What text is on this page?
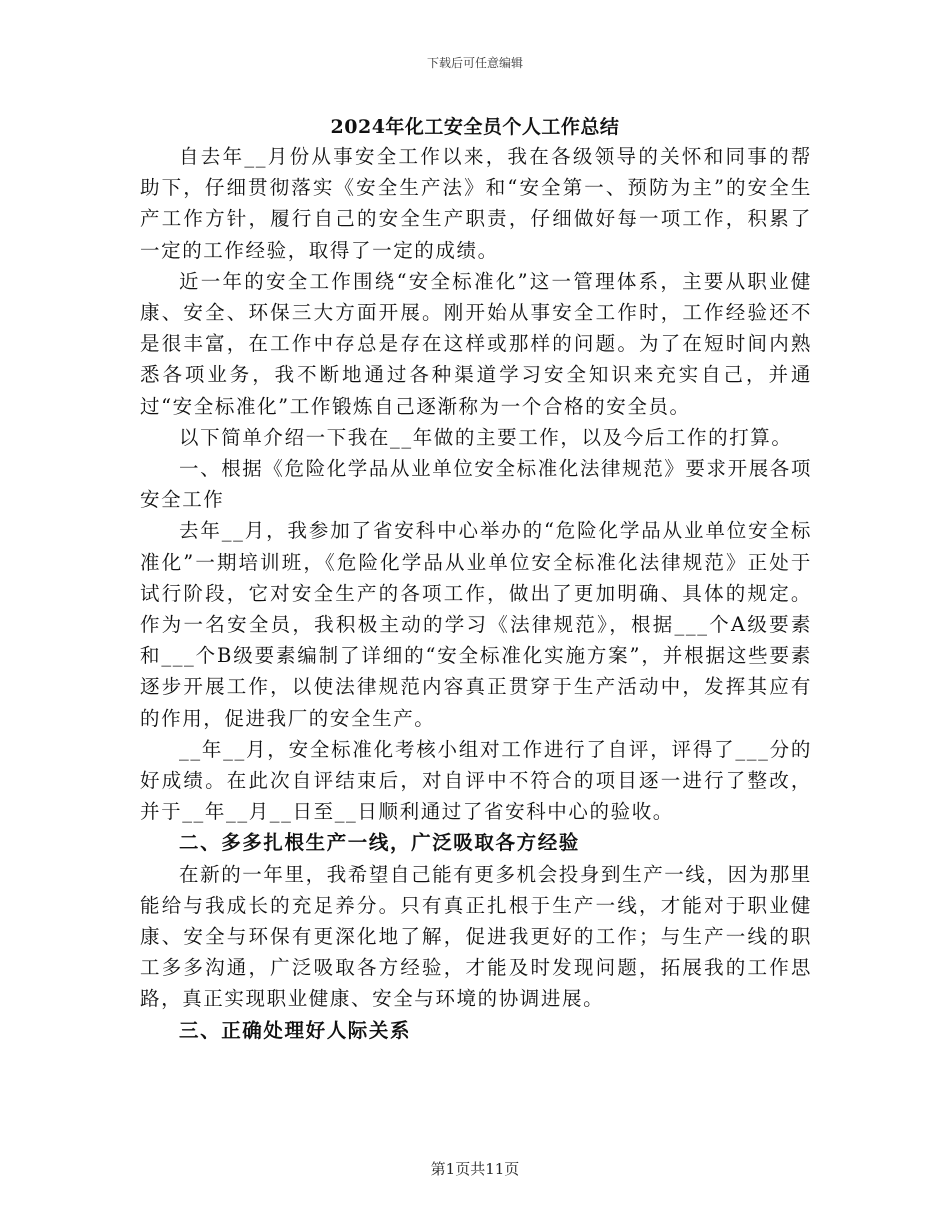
下载后可任意编辑
2024年化工安全员个人工作总结

自去年__月份从事安全工作以来，我在各级领导的关怀和同事的帮助下，仔细贯彻落实《安全生产法》和“安全第一、预防为主”的安全生产工作方针，履行自己的安全生产职责，仔细做好每一项工作，积累了一定的工作经验，取得了一定的成绩。

近一年的安全工作围绕“安全标准化”这一管理体系，主要从职业健康、安全、环保三大方面开展。刚开始从事安全工作时，工作经验还不是很丰富，在工作中存总是存在这样或那样的问题。为了在短时间内熟悉各项业务，我不断地通过各种渠道学习安全知识来充实自己，并通过“安全标准化”工作锻炼自己逐渐称为一个合格的安全员。

以下简单介绍一下我在__年做的主要工作，以及今后工作的打算。

一、根据《危险化学品从业单位安全标准化法律规范》要求开展各项安全工作

去年__月，我参加了省安科中心举办的“危险化学品从业单位安全标准化”一期培训班，《危险化学品从业单位安全标准化法律规范》正处于试行阶段，它对安全生产的各项工作，做出了更加明确、具体的规定。作为一名安全员，我积极主动的学习《法律规范》，根据___个A级要素和___个B级要素编制了详细的“安全标准化实施方案”，并根据这些要素逐步开展工作，以使法律规范内容真正贯穿于生产活动中，发挥其应有的作用，促进我厂的安全生产。

__年__月，安全标准化考核小组对工作进行了自评，评得了___分的好成绩。在此次自评结束后，对自评中不符合的项目逐一进行了整改，并于__年__月__日至__日顺利通过了省安科中心的验收。

二、多多扎根生产一线，广泛吸取各方经验

在新的一年里，我希望自己能有更多机会投身到生产一线，因为那里能给与我成长的充足养分。只有真正扎根于生产一线，才能对于职业健康、安全与环保有更深化地了解，促进我更好的工作；与生产一线的职工多多沟通，广泛吸取各方经验，才能及时发现问题，拓展我的工作思路，真正实现职业健康、安全与环境的协调进展。

三、正确处理好人际关系

第1页共11页
